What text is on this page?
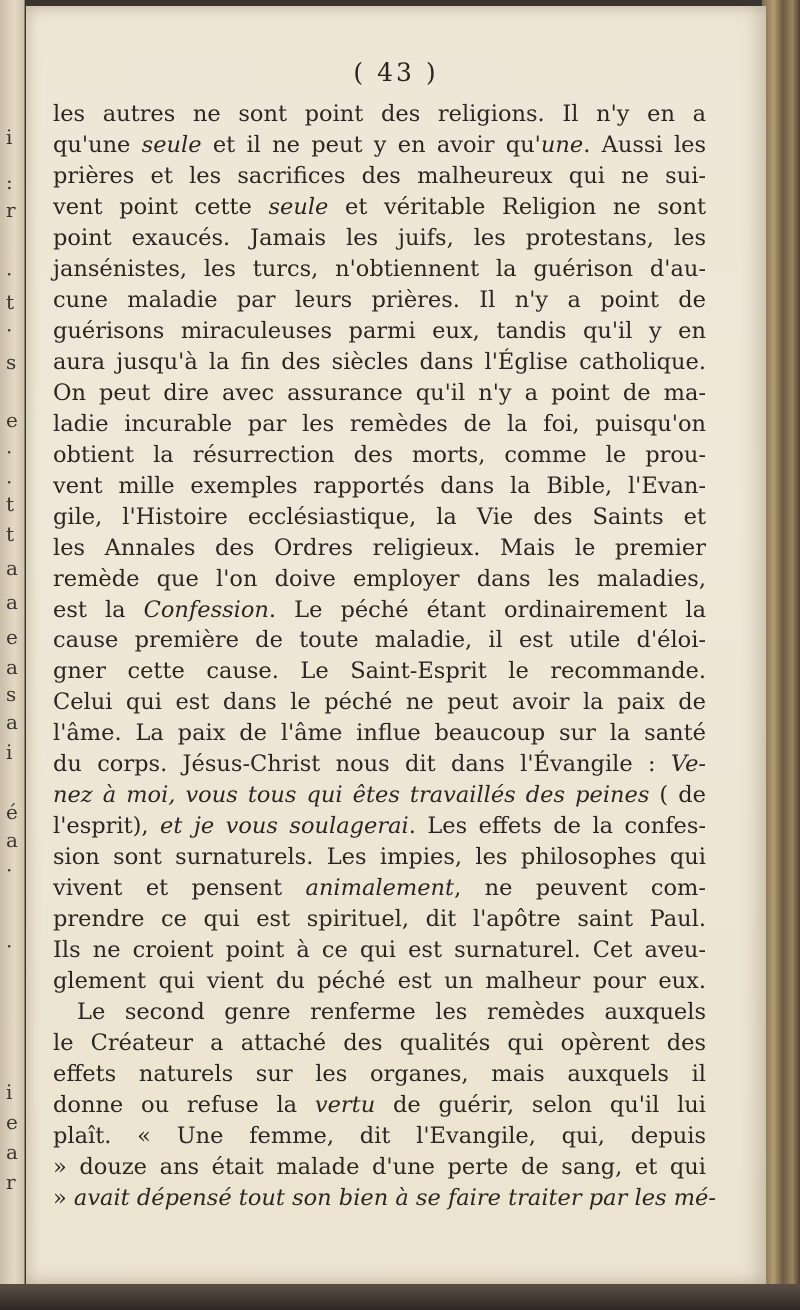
i
:
r
·
t
·
s
e
·
·
t
t
a
a
e
a
s
a
i
é
a
·
·
i
e
a
r
( 43 )
les autres ne sont point des religions. Il n'y en a
qu'une seule et il ne peut y en avoir qu'une. Aussi les
prières et les sacrifices des malheureux qui ne sui-
vent point cette seule et véritable Religion ne sont
point exaucés. Jamais les juifs, les protestans, les
jansénistes, les turcs, n'obtiennent la guérison d'au-
cune maladie par leurs prières. Il n'y a point de
guérisons miraculeuses parmi eux, tandis qu'il y en
aura jusqu'à la fin des siècles dans l'Église catholique.
On peut dire avec assurance qu'il n'y a point de ma-
ladie incurable par les remèdes de la foi, puisqu'on
obtient la résurrection des morts, comme le prou-
vent mille exemples rapportés dans la Bible, l'Evan-
gile, l'Histoire ecclésiastique, la Vie des Saints et
les Annales des Ordres religieux. Mais le premier
remède que l'on doive employer dans les maladies,
est la Confession. Le péché étant ordinairement la
cause première de toute maladie, il est utile d'éloi-
gner cette cause. Le Saint-Esprit le recommande.
Celui qui est dans le péché ne peut avoir la paix de
l'âme. La paix de l'âme influe beaucoup sur la santé
du corps. Jésus-Christ nous dit dans l'Évangile : Ve-
nez à moi, vous tous qui êtes travaillés des peines ( de
l'esprit), et je vous soulagerai. Les effets de la confes-
sion sont surnaturels. Les impies, les philosophes qui
vivent et pensent animalement, ne peuvent com-
prendre ce qui est spirituel, dit l'apôtre saint Paul.
Ils ne croient point à ce qui est surnaturel. Cet aveu-
glement qui vient du péché est un malheur pour eux.
Le second genre renferme les remèdes auxquels
le Créateur a attaché des qualités qui opèrent des
effets naturels sur les organes, mais auxquels il
donne ou refuse la vertu de guérir, selon qu'il lui
plaît. « Une femme, dit l'Evangile, qui, depuis
» douze ans était malade d'une perte de sang, et qui
» avait dépensé tout son bien à se faire traiter par les mé-
